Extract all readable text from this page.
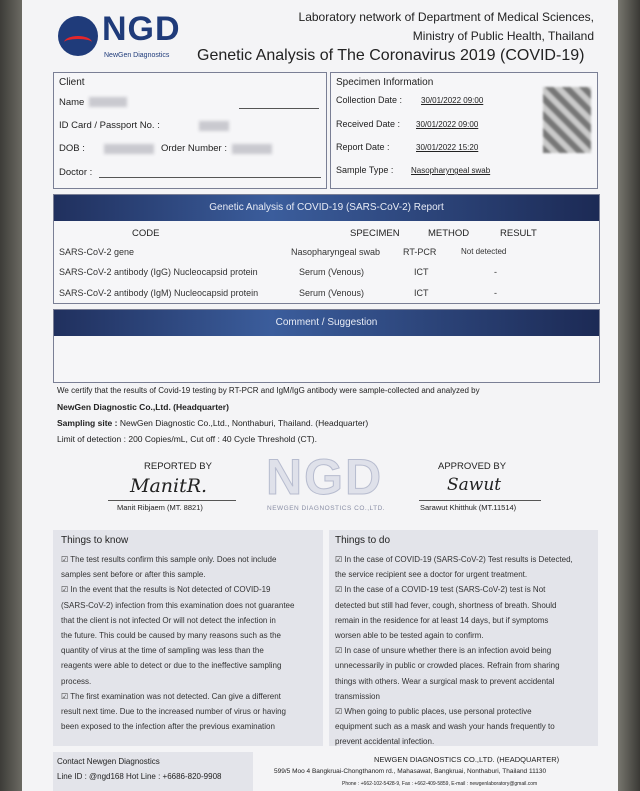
NGD
NewGen Diagnostics
Laboratory network of Department of Medical Sciences,
Ministry of Public Health, Thailand
Genetic Analysis of The Coronavirus 2019 (COVID-19)
Client
Name
ID Card / Passport No. :
DOB :	Order Number :
Doctor :
Specimen Information
Collection Date : 30/01/2022 09:00
Received Date : 30/01/2022 09:00
Report Date :	30/01/2022 15:20
Sample Type : Nasopharyngeal swab
Genetic Analysis of COVID-19 (SARS-CoV-2) Report
CODE	SPECIMEN	METHOD	RESULT
SARS-CoV-2 gene	Nasopharyngeal swab	RT-PCR	Not detected
SARS-CoV-2 antibody (IgG) Nucleocapsid protein	Serum (Venous)	ICT	-
SARS-CoV-2 antibody (IgM) Nucleocapsid protein	Serum (Venous)	ICT	-
Comment / Suggestion
We certify that the results of Covid-19 testing by RT-PCR and IgM/IgG antibody were sample-collected and analyzed by
NewGen Diagnostic Co.,Ltd. (Headquarter)
Sampling site : NewGen Diagnostic Co.,Ltd., Nonthaburi, Thailand. (Headquarter)
Limit of detection : 200 Copies/mL, Cut off : 40 Cycle Threshold (CT).
REPORTED BY
ManitR.
Manit Ribjaem (MT. 8821)
NGD
NEWGEN DIAGNOSTICS CO.,LTD.
APPROVED BY
Sawut
Sarawut Khitthuk (MT.11514)
Things to know
☑ The test results confirm this sample only. Does not include
samples sent before or after this sample.
☑ In the event that the results is Not detected of COVID-19
(SARS-CoV-2) infection from this examination does not guarantee
that the client is not infected Or will not detect the infection in
the future. This could be caused by many reasons such as the
quantity of virus at the time of sampling was less than the
reagents were able to detect or due to the ineffective sampling
process.
☑ The first examination was not detected. Can give a different
result next time. Due to the increased number of virus or having
been exposed to the infection after the previous examination
Things to do
☑ In the case of COVID-19 (SARS-CoV-2) Test results is Detected,
the service recipient see a doctor for urgent treatment.
☑ In the case of a COVID-19 test (SARS-CoV-2) test is Not
detected but still had fever, cough, shortness of breath. Should
remain in the residence for at least 14 days, but if symptoms
worsen able to be tested again to confirm.
☑ In case of unsure whether there is an infection avoid being
unnecessarily in public or crowded places. Refrain from sharing
things with others. Wear a surgical mask to prevent accidental
transmission
☑ When going to public places, use personal protective
equipment such as a mask and wash your hands frequently to
prevent accidental infection.
Contact Newgen Diagnostics
Line ID : @ngd168 Hot Line : +6686-820-9908
NEWGEN DIAGNOSTICS CO.,LTD. (HEADQUARTER)
599/5 Moo 4 Bangkruai-Chongthanom rd., Mahasawat, Bangkruai, Nonthaburi, Thailand 11130
Phone : +662-102-5428-9, Fax : +662-409-5859, E-mail : newgenlaboratory@gmail.com
